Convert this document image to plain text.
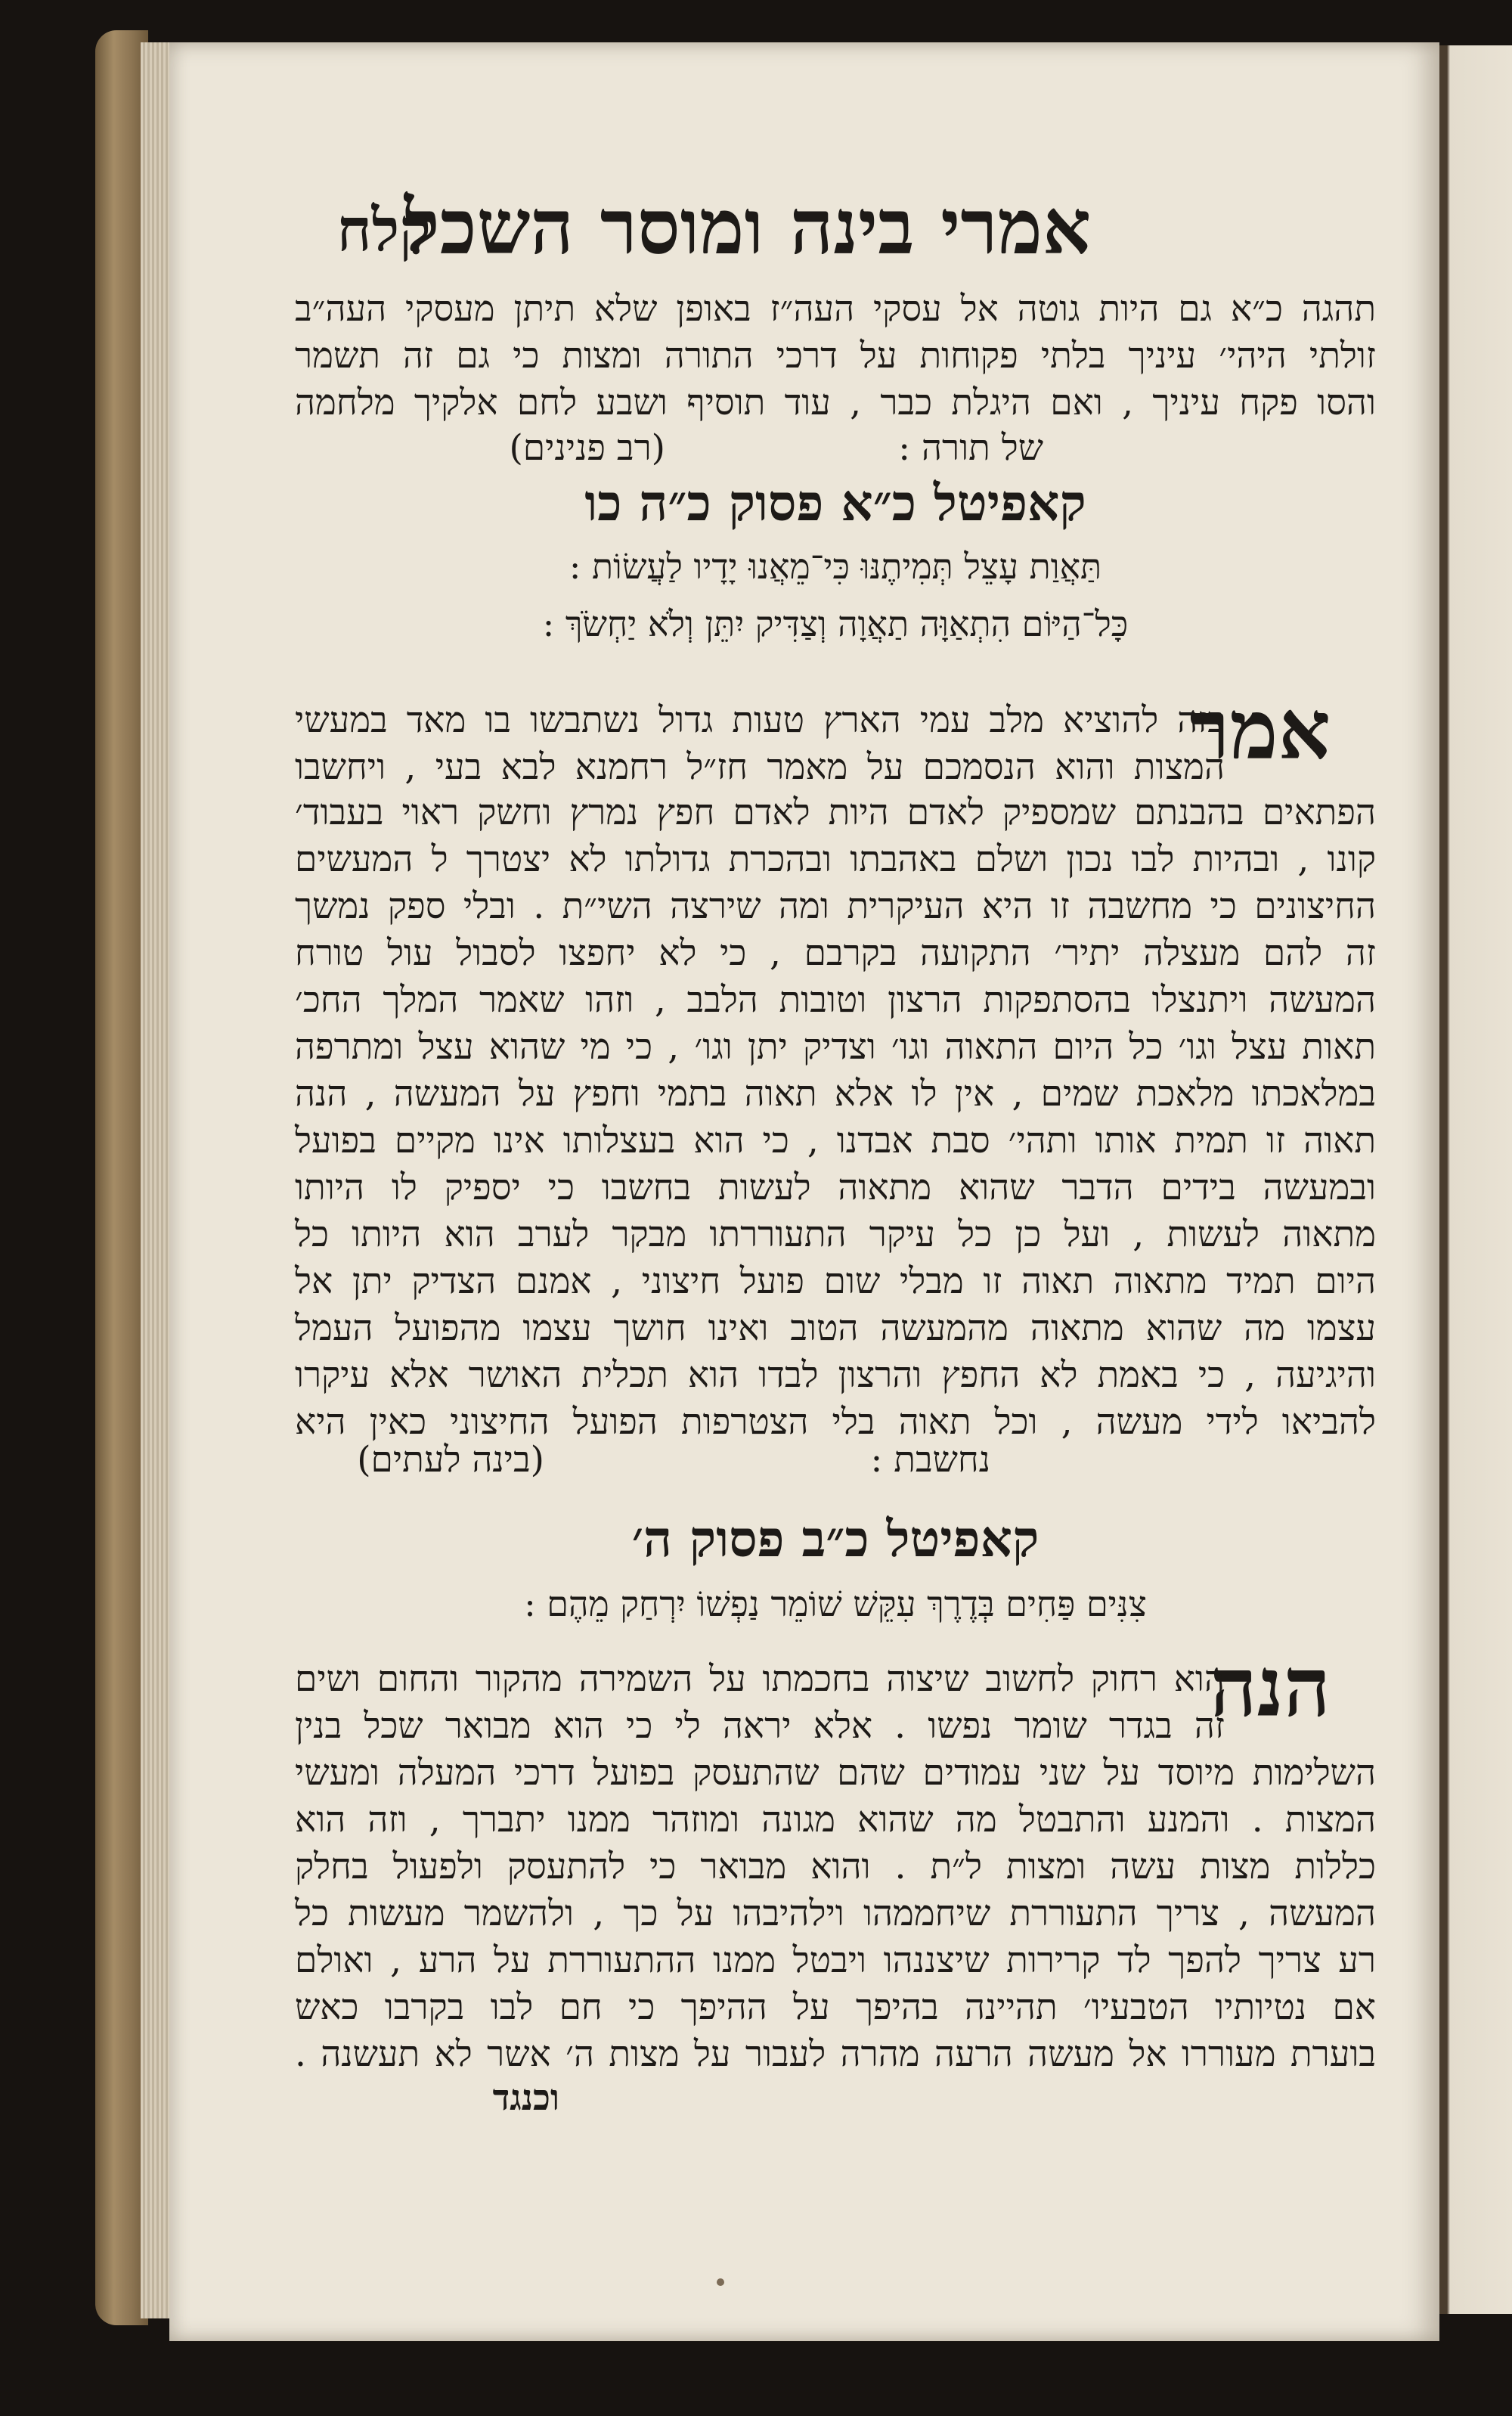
אמרי בינה ומוסר השכל
קלח
תהגה כ״א גם היות גוטה אל עסקי העה״ז באופן שלא תיתן מעסקי העה״ב
זולתי היהי׳ עיניך בלתי פקוחות על דרכי התורה ומצות כי גם זה תשמר
והסו פקח עיניך , ואם היגלת כבר , עוד תוסיף ושבע לחם אלקיך מלחמה
של תורה :
(רב פנינים)
קאפיטל כ״א פסוק כ״ה כו
תַּאֲוַת עָצֵל תְּמִיתֶנּוּ כִּי־מֵאֲנוּ יָדָיו לַעֲשׂוֹת :
כָּל־הַיּוֹם הִתְאַוָּה תַאֲוָה וְצַדִּיק יִתֵּן וְלֹא יַחְשֹׂךְ :
אמר
בזה להוציא מלב עמי הארץ טעות גדול נשתבשו בו מאד במעשי
המצות והוא הנסמכם על מאמר חז״ל רחמנא לבא בעי , ויחשבו
הפתאים בהבנתם שמספיק לאדם היות לאדם חפץ נמרץ וחשק ראוי בעבוד׳
קונו , ובהיות לבו נכון ושלם באהבתו ובהכרת גדולתו לא יצטרך ל המעשים
החיצונים כי מחשבה זו היא העיקרית ומה שירצה השי״ת . ובלי ספק נמשך
זה להם מעצלה יתיר׳ התקועה בקרבם , כי לא יחפצו לסבול עול טורח
המעשה ויתנצלו בהסתפקות הרצון וטובות הלבב , וזהו שאמר המלך החכ׳
תאות עצל וגו׳ כל היום התאוה וגו׳ וצדיק יתן וגו׳ , כי מי שהוא עצל ומתרפה
במלאכתו מלאכת שמים , אין לו אלא תאוה בתמי וחפץ על המעשה , הנה
תאוה זו תמית אותו ותהי׳ סבת אבדנו , כי הוא בעצלותו אינו מקיים בפועל
ובמעשה בידים הדבר שהוא מתאוה לעשות בחשבו כי יספיק לו היותו
מתאוה לעשות , ועל כן כל עיקר התעוררתו מבקר לערב הוא היותו כל
היום תמיד מתאוה תאוה זו מבלי שום פועל חיצוני , אמנם הצדיק יתן אל
עצמו מה שהוא מתאוה מהמעשה הטוב ואינו חושך עצמו מהפועל העמל
והיגיעה , כי באמת לא החפץ והרצון לבדו הוא תכלית האושר אלא עיקרו
להביאו לידי מעשה , וכל תאוה בלי הצטרפות הפועל החיצוני כאין היא
נחשבת :
(בינה לעתים)
קאפיטל כ״ב פסוק ה׳
צִנִּים פַּחִים בְּדֶרֶךְ עִקֵּשׁ שׁוֹמֵר נַפְשׁוֹ יִרְחַק מֵהֶם :
הנה
הוא רחוק לחשוב שיצוה בחכמתו על השמירה מהקור והחום ושים
זה בגדר שומר נפשו . אלא יראה לי כי הוא מבואר שכל בנין
השלימות מיוסד על שני עמודים שהם שהתעסק בפועל דרכי המעלה ומעשי
המצות . והמנע והתבטל מה שהוא מגונה ומוזהר ממנו יתברך , וזה הוא
כללות מצות עשה ומצות ל״ת . והוא מבואר כי להתעסק ולפעול בחלק
המעשה , צריך התעוררת שיחממהו וילהיבהו על כך , ולהשמר מעשות כל
רע צריך להפך לד קרירות שיצננהו ויבטל ממנו ההתעוררת על הרע , ואולם
אם נטיותיו הטבעיו׳ תהיינה בהיפך על ההיפך כי חם לבו בקרבו כאש
בוערת מעוררו אל מעשה הרעה מהרה לעבור על מצות ה׳ אשר לא תעשנה .
וכנגד
